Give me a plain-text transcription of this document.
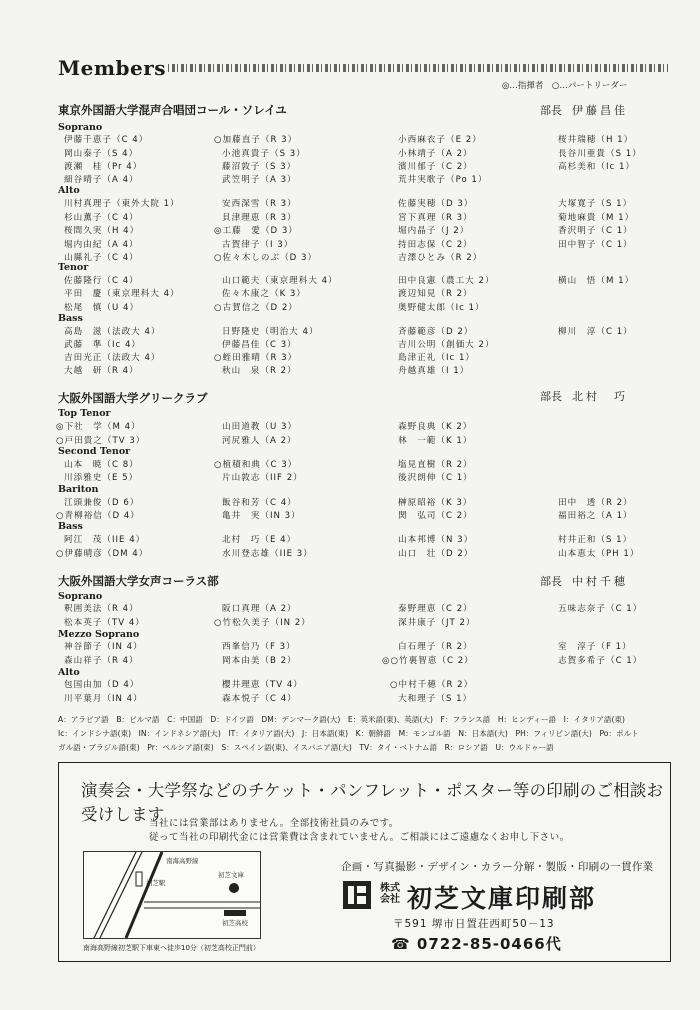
Members
◎…指揮者　○…パートリーダー
東京外国語大学混声合唱団コール・ソレイユ	部長 伊藤昌佳
大阪外国語大学グリークラブ	部長 北村　巧
大阪外国語大学女声コーラス部	部長 中村千穂
Soprano
Alto
Tenor
Bass
Top Tenor
Second Tenor
Bariton
Bass
Soprano
Mezzo Soprano
Alto
伊藤千恵子（C 4）	○加藤直子（R 3）	小西麻衣子（E 2）	桜井瑞穂（H 1）
岡山泰子（S 4）	小池真貴子（S 3）	小林靖子（A 2）	長谷川亜貴（S 1）
渡瀬　桂（Pr 4）	藤沼敦子（S 3）	濱川郁子（C 2）	高杉美和（Ic 1）
細谷晴子（A 4）	武笠明子（A 3）	荒井実歌子（Po 1）
川村真理子（東外大院 1）	安西深雪（R 3）	佐藤実穂（D 3）	大塚寛子（S 1）
杉山薫子（C 4）	貝津理恵（R 3）	宮下真理（R 3）	菊地麻貴（M 1）
桜間久実（H 4）	◎工藤　愛（D 3）	堀内晶子（J 2）	香沢明子（C 1）
堀内由紀（A 4）	古賀律子（I 3）	持田志保（C 2）	田中智子（C 1）
山縣礼子（C 4）	○佐々木しのぶ（D 3）	吉澤ひとみ（R 2）
佐藤隆行（C 4）	山口範夫（東京理科大 4）	田中良憲（農工大 2）	横山　悟（M 1）
平田　慶（東京理科大 4）	佐々木康之（K 3）	渡辺知見（R 2）
松尾　慎（U 4）	○古賀信之（D 2）	奥野健太郎（Ic 1）
高島　滋（法政大 4）	日野隆史（明治大 4）	斉藤範彦（D 2）	柳川　淳（C 1）
武藤　準（Ic 4）	伊藤昌佳（C 3）	吉川公明（創価大 2）
吉田光正（法政大 4）	○蛭田雅晴（R 3）	島津正礼（Ic 1）
大越　研（R 4）	秋山　泉（R 2）	舟越真雄（I 1）
◎下社　学（M 4）	山田道教（U 3）	森野良典（K 2）
○戸田貴之（TV 3）	河尻雅人（A 2）	林　一範（K 1）
山本　暁（C 8）	○植積和典（C 3）	塩見直樹（R 2）
川添雅史（E 5）	片山敦志（IIF 2）	後沢朗伸（C 1）
江頭兼俊（D 6）	飯谷和芳（C 4）	榊原昭裕（K 3）	田中　透（R 2）
○青柳裕信（D 4）	亀井　実（IN 3）	関　弘司（C 2）	福田裕之（A 1）
阿江　茂（IIE 4）	北村　巧（E 4）	山本邦博（N 3）	村井正和（S 1）
○伊藤晴彦（DM 4）	水川登志雄（IIE 3）	山口　壮（D 2）	山本恵太（PH 1）
釈囲美法（R 4）	阪口真理（A 2）	泰野理恵（C 2）	五味志奈子（C 1）
松本英子（TV 4）	○竹松久美子（IN 2）	深井康子（JT 2）
神谷節子（IN 4）	西峯信乃（F 3）	白石理子（R 2）	室　淳子（F 1）
森山祥子（R 4）	岡本由美（B 2）	◎○竹裏智恵（C 2）	志賀多希子（C 1）
包国由加（D 4）	櫻井理恵（TV 4）	○中村千穂（R 2）
川平葉月（IN 4）	森本悦子（C 4）	大和理子（S 1）
A：アラビア語　B：ビルマ語　C：中国語　D：ドイツ語　DM：デンマーク語(大)　E：英米語(東)、英語(大)　F：フランス語　H：ヒンディー語　I：イタリア語(東)
Ic：インドシナ語(東)　IN：インドネシア語(大)　IT：イタリア語(大)　J：日本語(東)　K：朝鮮語　M：モンゴル語　N：日本語(大)　PH：フィリピン語(大)　Po：ポルト
ガル語・ブラジル語(東)　Pr：ペルシア語(東)　S：スペイン語(東)、イスパニア語(大)　TV：タイ・ベトナム語　R：ロシア語　U：ウルドゥー語
演奏会・大学祭などのチケット・パンフレット・ポスター等の印刷のご相談お受けします
当社には営業部はありません。全部技術社員のみです。
従って当社の印刷代金には営業費は含まれていません。ご相談にはご遠慮なくお申し下さい。
初芝文庫
初芝高校
南海高野線
初芝駅
南海高野線初芝駅下車東へ徒歩10分（初芝高校正門前）
企画・写真撮影・デザイン・カラー分解・製版・印刷の一貫作業
株式会社 初芝文庫印刷部
〒591 堺市日置荘西町50－13
☎ 0722-85-0466代
